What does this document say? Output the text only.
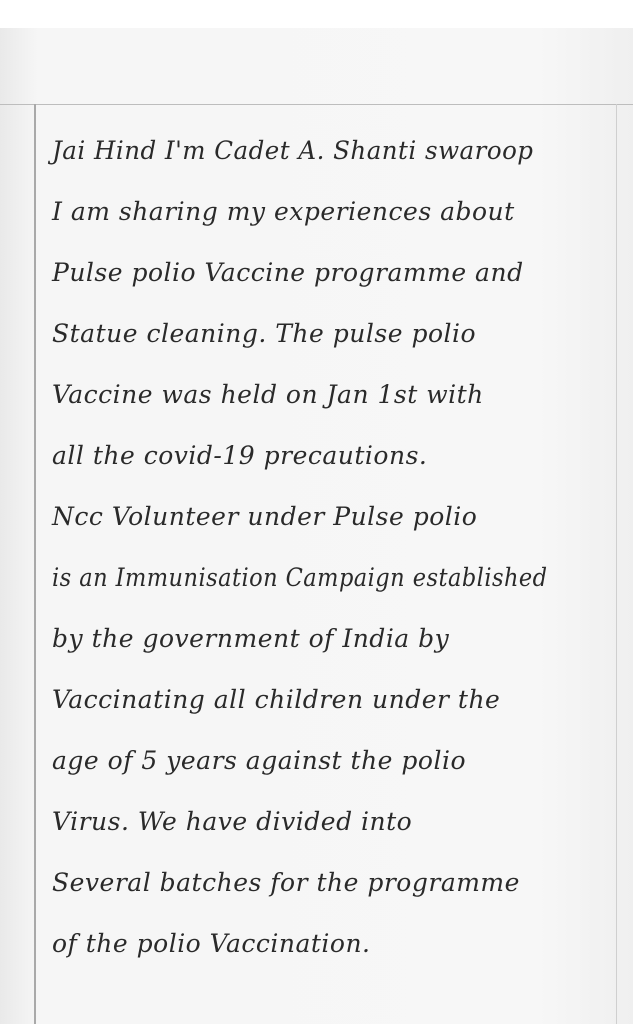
Jai Hind I'm Cadet A. Shanti swaroop
I am sharing my experiences about
Pulse polio Vaccine programme and
Statue cleaning. The pulse polio
Vaccine was held on Jan 1st with
all the covid-19 precautions.
Ncc Volunteer under Pulse polio
is an Immunisation Campaign established
by the government of India by
Vaccinating all children under the
age of 5 years against the polio
Virus. We have divided into
Several batches for the programme
of the polio Vaccination.
